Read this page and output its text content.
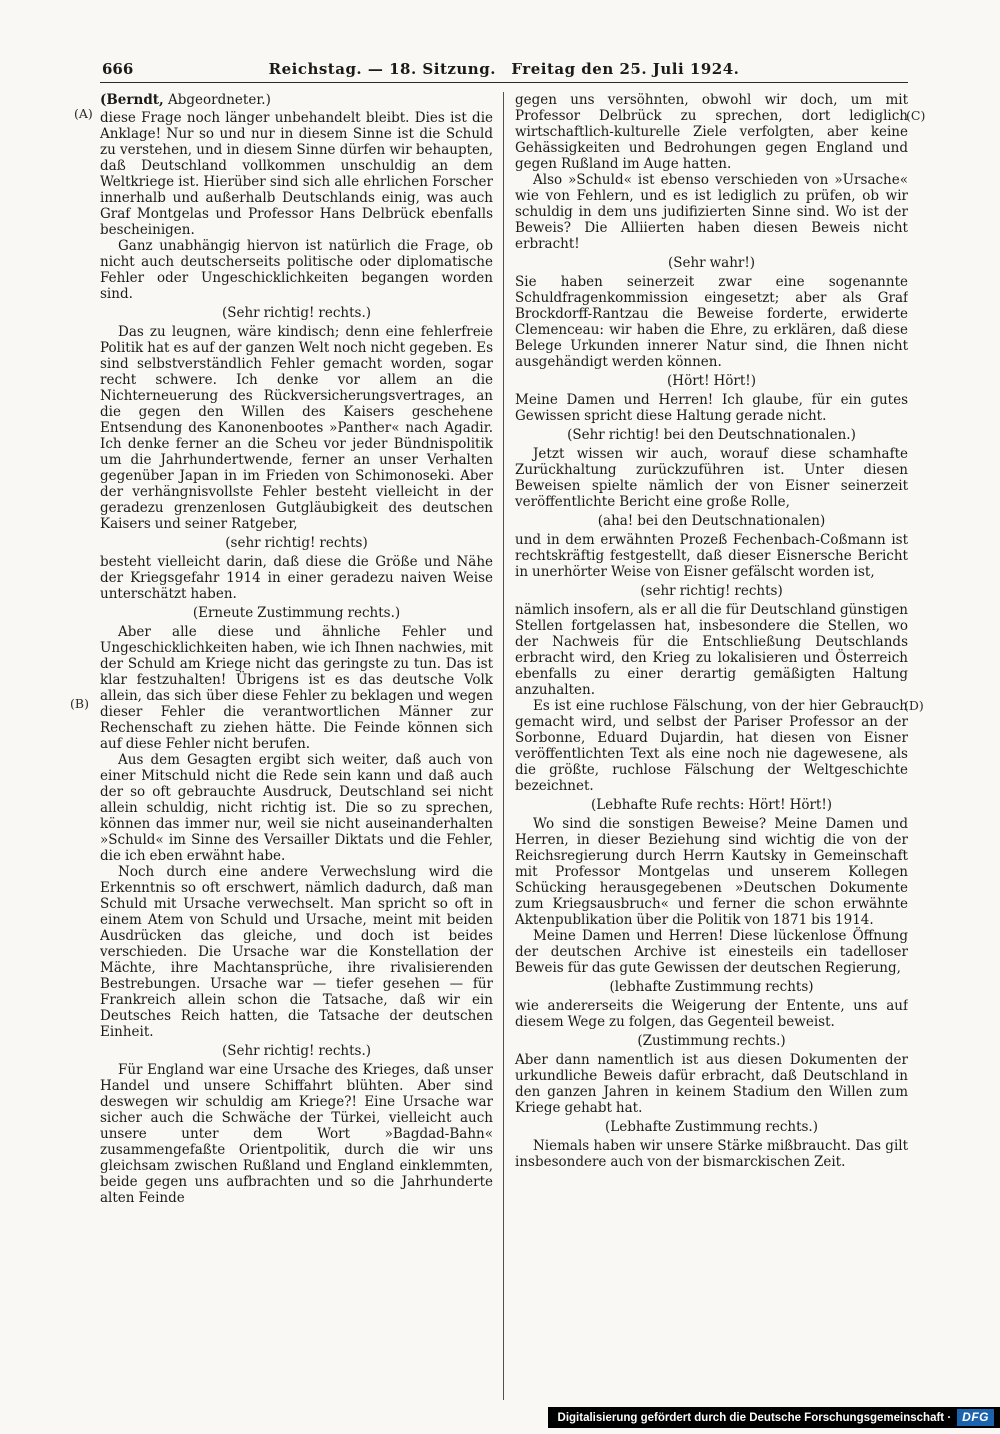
666	Reichstag. — 18. Sitzung. Freitag den 25. Juli 1924.
(A)
(B)
(C)
(D)

(Berndt, Abgeordneter.)

diese Frage noch länger unbehandelt bleibt. Dies ist die Anklage! Nur so und nur in diesem Sinne ist die Schuld zu verstehen, und in diesem Sinne dürfen wir behaupten, daß Deutschland vollkommen unschuldig an dem Weltkriege ist. Hierüber sind sich alle ehrlichen Forscher innerhalb und außerhalb Deutschlands einig, was auch Graf Montgelas und Professor Hans Delbrück ebenfalls bescheinigen.

Ganz unabhängig hiervon ist natürlich die Frage, ob nicht auch deutscherseits politische oder diplomatische Fehler oder Ungeschicklichkeiten begangen worden sind.

(Sehr richtig! rechts.)

Das zu leugnen, wäre kindisch; denn eine fehlerfreie Politik hat es auf der ganzen Welt noch nicht gegeben. Es sind selbstverständlich Fehler gemacht worden, sogar recht schwere. Ich denke vor allem an die Nichterneuerung des Rückversicherungsvertrages, an die gegen den Willen des Kaisers geschehene Entsendung des Kanonenbootes »Panther« nach Agadir. Ich denke ferner an die Scheu vor jeder Bündnispolitik um die Jahrhundertwende, ferner an unser Verhalten gegenüber Japan in im Frieden von Schimonoseki. Aber der verhängnisvollste Fehler besteht vielleicht in der geradezu grenzenlosen Gutgläubigkeit des deutschen Kaisers und seiner Ratgeber,

(sehr richtig! rechts)

besteht vielleicht darin, daß diese die Größe und Nähe der Kriegsgefahr 1914 in einer geradezu naiven Weise unterschätzt haben.

(Erneute Zustimmung rechts.)

Aber alle diese und ähnliche Fehler und Ungeschicklichkeiten haben, wie ich Ihnen nachwies, mit der Schuld am Kriege nicht das geringste zu tun. Das ist klar festzuhalten! Übrigens ist es das deutsche Volk allein, das sich über diese Fehler zu beklagen und wegen dieser Fehler die verantwortlichen Männer zur Rechenschaft zu ziehen hätte. Die Feinde können sich auf diese Fehler nicht berufen.

Aus dem Gesagten ergibt sich weiter, daß auch von einer Mitschuld nicht die Rede sein kann und daß auch der so oft gebrauchte Ausdruck, Deutschland sei nicht allein schuldig, nicht richtig ist. Die so zu sprechen, können das immer nur, weil sie nicht auseinanderhalten »Schuld« im Sinne des Versailler Diktats und die Fehler, die ich eben erwähnt habe.

Noch durch eine andere Verwechslung wird die Erkenntnis so oft erschwert, nämlich dadurch, daß man Schuld mit Ursache verwechselt. Man spricht so oft in einem Atem von Schuld und Ursache, meint mit beiden Ausdrücken das gleiche, und doch ist beides verschieden. Die Ursache war die Konstellation der Mächte, ihre Machtansprüche, ihre rivalisierenden Bestrebungen. Ursache war — tiefer gesehen — für Frankreich allein schon die Tatsache, daß wir ein Deutsches Reich hatten, die Tatsache der deutschen Einheit.

(Sehr richtig! rechts.)

Für England war eine Ursache des Krieges, daß unser Handel und unsere Schiffahrt blühten. Aber sind deswegen wir schuldig am Kriege?! Eine Ursache war sicher auch die Schwäche der Türkei, vielleicht auch unsere unter dem Wort »Bagdad-Bahn« zusammengefaßte Orientpolitik, durch die wir uns gleichsam zwischen Rußland und England einklemmten, beide gegen uns aufbrachten und so die Jahrhunderte alten Feinde

gegen uns versöhnten, obwohl wir doch, um mit Professor Delbrück zu sprechen, dort lediglich wirtschaftlich-kulturelle Ziele verfolgten, aber keine Gehässigkeiten und Bedrohungen gegen England und gegen Rußland im Auge hatten.

Also »Schuld« ist ebenso verschieden von »Ursache« wie von Fehlern, und es ist lediglich zu prüfen, ob wir schuldig in dem uns judifizierten Sinne sind. Wo ist der Beweis? Die Alliierten haben diesen Beweis nicht erbracht!

(Sehr wahr!)

Sie haben seinerzeit zwar eine sogenannte Schuldfragenkommission eingesetzt; aber als Graf Brockdorff-Rantzau die Beweise forderte, erwiderte Clemenceau: wir haben die Ehre, zu erklären, daß diese Belege Urkunden innerer Natur sind, die Ihnen nicht ausgehändigt werden können.

(Hört! Hört!)

Meine Damen und Herren! Ich glaube, für ein gutes Gewissen spricht diese Haltung gerade nicht.

(Sehr richtig! bei den Deutschnationalen.)

Jetzt wissen wir auch, worauf diese schamhafte Zurückhaltung zurückzuführen ist. Unter diesen Beweisen spielte nämlich der von Eisner seinerzeit veröffentlichte Bericht eine große Rolle,

(aha! bei den Deutschnationalen)

und in dem erwähnten Prozeß Fechenbach-Coßmann ist rechtskräftig festgestellt, daß dieser Eisnersche Bericht in unerhörter Weise von Eisner gefälscht worden ist,

(sehr richtig! rechts)

nämlich insofern, als er all die für Deutschland günstigen Stellen fortgelassen hat, insbesondere die Stellen, wo der Nachweis für die Entschließung Deutschlands erbracht wird, den Krieg zu lokalisieren und Österreich ebenfalls zu einer derartig gemäßigten Haltung anzuhalten.

Es ist eine ruchlose Fälschung, von der hier Gebrauch gemacht wird, und selbst der Pariser Professor an der Sorbonne, Eduard Dujardin, hat diesen von Eisner veröffentlichten Text als eine noch nie dagewesene, als die größte, ruchlose Fälschung der Weltgeschichte bezeichnet.

(Lebhafte Rufe rechts: Hört! Hört!)

Wo sind die sonstigen Beweise? Meine Damen und Herren, in dieser Beziehung sind wichtig die von der Reichsregierung durch Herrn Kautsky in Gemeinschaft mit Professor Montgelas und unserem Kollegen Schücking herausgegebenen »Deutschen Dokumente zum Kriegsausbruch« und ferner die schon erwähnte Aktenpublikation über die Politik von 1871 bis 1914.

Meine Damen und Herren! Diese lückenlose Öffnung der deutschen Archive ist einesteils ein tadelloser Beweis für das gute Gewissen der deutschen Regierung,

(lebhafte Zustimmung rechts)

wie andererseits die Weigerung der Entente, uns auf diesem Wege zu folgen, das Gegenteil beweist.

(Zustimmung rechts.)

Aber dann namentlich ist aus diesen Dokumenten der urkundliche Beweis dafür erbracht, daß Deutschland in den ganzen Jahren in keinem Stadium den Willen zum Kriege gehabt hat.

(Lebhafte Zustimmung rechts.)

Niemals haben wir unsere Stärke mißbraucht. Das gilt insbesondere auch von der bismarckischen Zeit.

Digitalisierung gefördert durch die Deutsche Forschungsgemeinschaft · DFG
